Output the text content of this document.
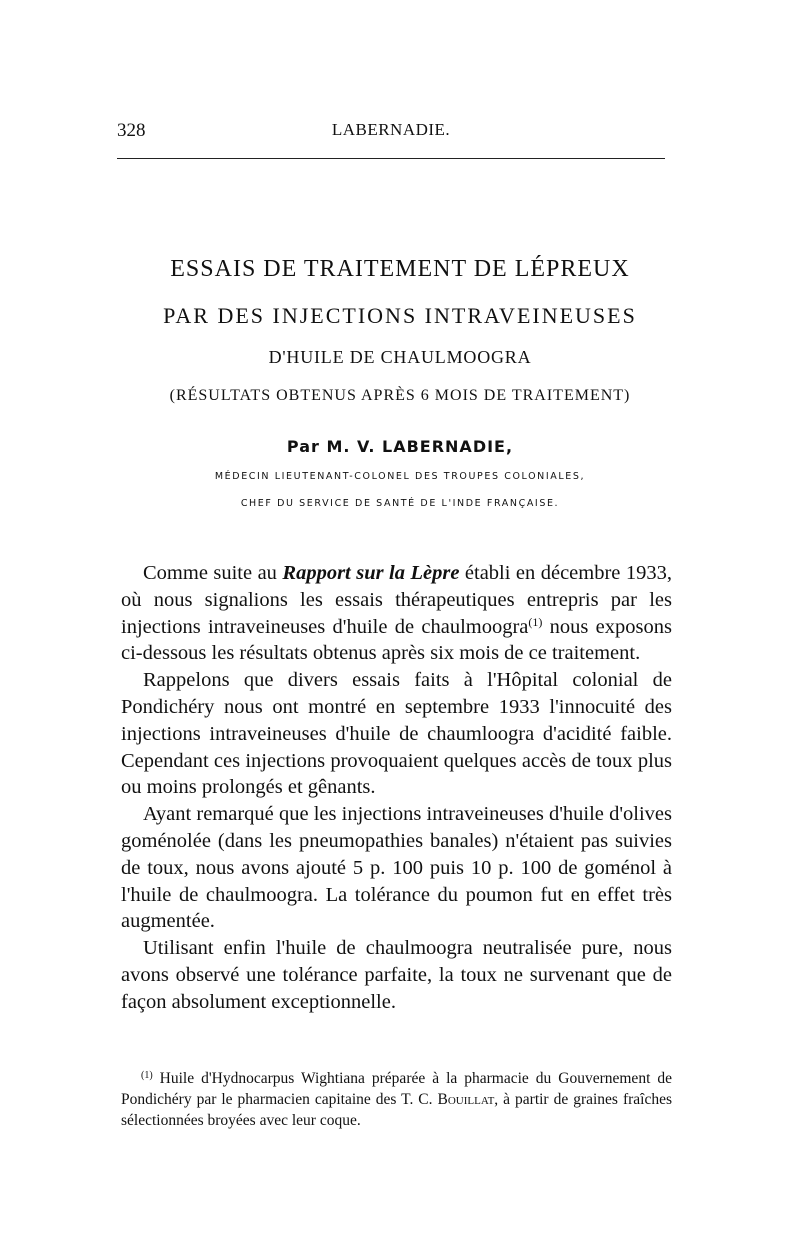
328	LABERNADIE.
ESSAIS DE TRAITEMENT DE LÉPREUX
PAR DES INJECTIONS INTRAVEINEUSES
D'HUILE DE CHAULMOOGRA
(RÉSULTATS OBTENUS APRÈS 6 MOIS DE TRAITEMENT)
Par M. V. LABERNADIE,
MÉDECIN LIEUTENANT-COLONEL DES TROUPES COLONIALES,
CHEF DU SERVICE DE SANTÉ DE L'INDE FRANÇAISE.

Comme suite au Rapport sur la Lèpre établi en décembre 1933, où nous signalions les essais thérapeutiques entrepris par les injections intraveineuses d'huile de chaulmoogra$^{(1)}$ nous exposons ci-dessous les résultats obtenus après six mois de ce traitement.

Rappelons que divers essais faits à l'Hôpital colonial de Pondichéry nous ont montré en septembre 1933 l'innocuité des injections intraveineuses d'huile de chaumloogra d'acidité faible. Cependant ces injections provoquaient quelques accès de toux plus ou moins prolongés et gênants.

Ayant remarqué que les injections intraveineuses d'huile d'olives goménolée (dans les pneumopathies banales) n'étaient pas suivies de toux, nous avons ajouté 5 p. 100 puis 10 p. 100 de goménol à l'huile de chaulmoogra. La tolérance du poumon fut en effet très augmentée.

Utilisant enfin l'huile de chaulmoogra neutralisée pure, nous avons observé une tolérance parfaite, la toux ne survenant que de façon absolument exceptionnelle.

$^{(1)}$ Huile d'Hydnocarpus Wightiana préparée à la pharmacie du Gouvernement de Pondichéry par le pharmacien capitaine des T. C. Bouillat, à partir de graines fraîches sélectionnées broyées avec leur coque.
